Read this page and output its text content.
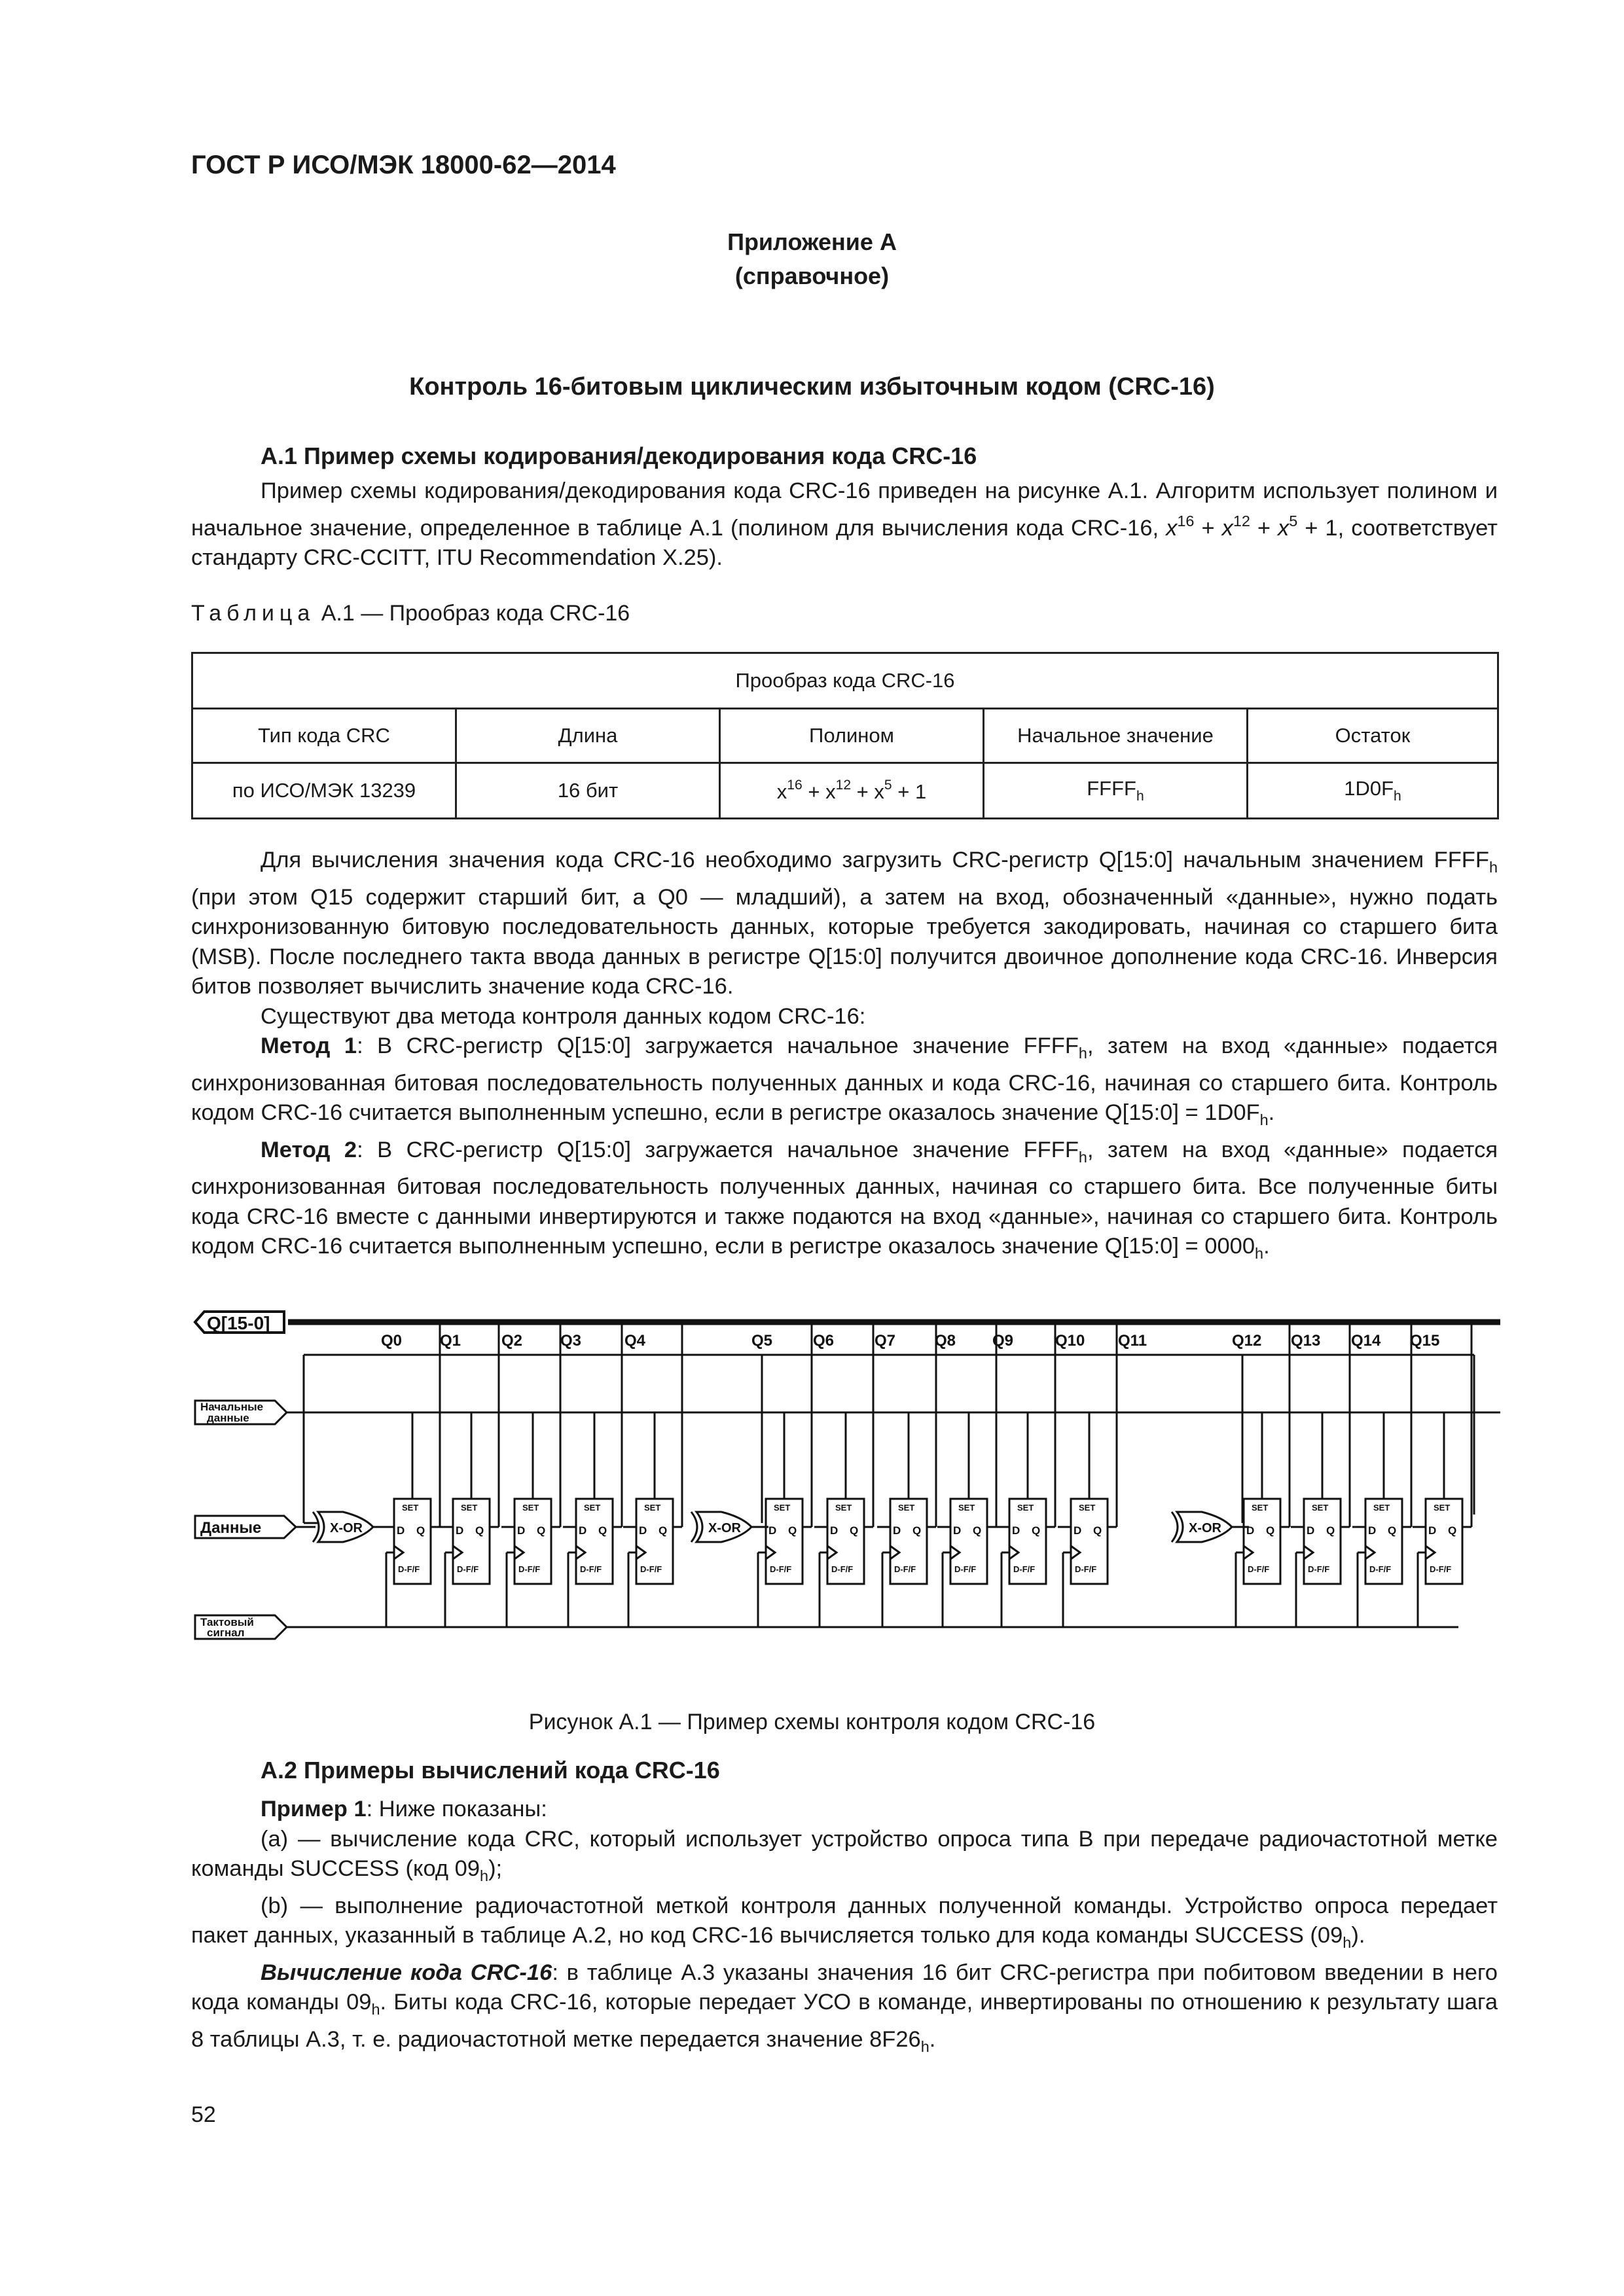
ГОСТ Р ИСО/МЭК 18000-62—2014
Приложение А
(справочное)
Контроль 16-битовым циклическим избыточным кодом (CRC-16)
А.1 Пример схемы кодирования/декодирования кода CRC-16

Пример схемы кодирования/декодирования кода CRC-16 приведен на рисунке А.1. Алгоритм использует полином и начальное значение, определенное в таблице А.1 (полином для вычисления кода CRC-16, $x^{16} + x^{12} + x^5 + 1$, соответствует стандарту CRC-CCITT, ITU Recommendation X.25).

Таблица А.1 — Прообраз кода CRC-16
Прообраз кода CRC-16				
Тип кода CRC	Длина	Полином	Начальное значение	Остаток
по ИСО/МЭК 13239	16 бит	$x^{16} + x^{12} + x^5 + 1$	$FFFF_h$	$1D0F_h$

Для вычисления значения кода CRC-16 необходимо загрузить CRC-регистр Q[15:0] начальным значением $FFFF_h$ (при этом Q15 содержит старший бит, а Q0 — младший), а затем на вход, обозначенный «данные», нужно подать синхронизованную битовую последовательность данных, которые требуется закодировать, начиная со старшего бита (MSB). После последнего такта ввода данных в регистре Q[15:0] получится двоичное дополнение кода CRC-16. Инверсия битов позволяет вычислить значение кода CRC-16.

Существуют два метода контроля данных кодом CRC-16:

Метод 1: В CRC-регистр Q[15:0] загружается начальное значение $FFFF_h$, затем на вход «данные» подается синхронизованная битовая последовательность полученных данных и кода CRC-16, начиная со старшего бита. Контроль кодом CRC-16 считается выполненным успешно, если в регистре оказалось значение Q[15:0] = $1D0F_h$.

Метод 2: В CRC-регистр Q[15:0] загружается начальное значение $FFFF_h$, затем на вход «данные» подается синхронизованная битовая последовательность полученных данных, начиная со старшего бита. Все полученные биты кода CRC-16 вместе с данными инвертируются и также подаются на вход «данные», начиная со старшего бита. Контроль кодом CRC-16 считается выполненным успешно, если в регистре оказалось значение Q[15:0] = $0000_h$.

Q[15-0]
Начальные
данные
Данные
Тактовый
сигнал
Q0 Q1	Q2 Q3	Q4	Q5	Q6	Q7 Q8 Q9	Q10 Q11	Q12 Q13 Q14 Q15
SET
D Q
D-F/F
SET
D Q
D-F/F
SET
D Q
D-F/F
SET
D Q
D-F/F
SET
D Q
D-F/F
SET
D Q
D-F/F
SET
D Q
D-F/F
SET
D Q
D-F/F
SET
D Q
D-F/F
SET
D Q
D-F/F
SET
D Q
D-F/F
SET
D Q
D-F/F
SET
D Q
D-F/F
SET
D Q
D-F/F
SET
D Q
D-F/F
X-OR	X-OR	X-OR
Рисунок А.1 — Пример схемы контроля кодом CRC-16
А.2 Примеры вычислений кода CRC-16

Пример 1: Ниже показаны:

(а) — вычисление кода CRC, который использует устройство опроса типа В при передаче радиочастотной метке команды SUCCESS (код $09_h$);

(b) — выполнение радиочастотной меткой контроля данных полученной команды. Устройство опроса передает пакет данных, указанный в таблице А.2, но код CRC-16 вычисляется только для кода команды SUCCESS $(09_h)$.

Вычисление кода CRC-16: в таблице А.3 указаны значения 16 бит CRC-регистра при побитовом введении в него кода команды $09_h$. Биты кода CRC-16, которые передает УСО в команде, инвертированы по отношению к результату шага 8 таблицы А.3, т. е. радиочастотной метке передается значение $8F26_h$.

52
